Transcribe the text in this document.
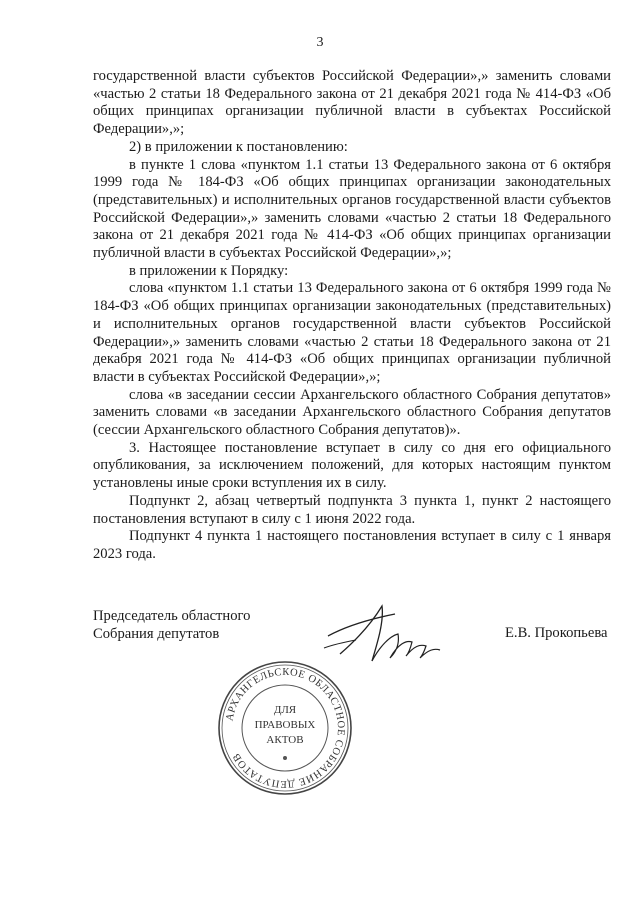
3

государственной власти субъектов Российской Федерации»,» заменить словами «частью 2 статьи 18 Федерального закона от 21 декабря 2021 года № 414-ФЗ «Об общих принципах организации публичной власти в субъектах Российской Федерации»,»;

2) в приложении к постановлению:

в пункте 1 слова «пунктом 1.1 статьи 13 Федерального закона от 6 октября 1999 года № 184-ФЗ «Об общих принципах организации законодательных (представительных) и исполнительных органов государственной власти субъектов Российской Федерации»,» заменить словами «частью 2 статьи 18 Федерального закона от 21 декабря 2021 года № 414-ФЗ «Об общих принципах организации публичной власти в субъектах Российской Федерации»,»;

в приложении к Порядку:

слова «пунктом 1.1 статьи 13 Федерального закона от 6 октября 1999 года № 184-ФЗ «Об общих принципах организации законодательных (представительных) и исполнительных органов государственной власти субъектов Российской Федерации»,» заменить словами «частью 2 статьи 18 Федерального закона от 21 декабря 2021 года № 414-ФЗ «Об общих принципах организации публичной власти в субъектах Российской Федерации»,»;

слова «в заседании сессии Архангельского областного Собрания депутатов» заменить словами «в заседании Архангельского областного Собрания депутатов (сессии Архангельского областного Собрания депутатов)».

3. Настоящее постановление вступает в силу со дня его официального опубликования, за исключением положений, для которых настоящим пунктом установлены иные сроки вступления их в силу.

Подпункт 2, абзац четвертый подпункта 3 пункта 1, пункт 2 настоящего постановления вступают в силу с 1 июня 2022 года.

Подпункт 4 пункта 1 настоящего постановления вступает в силу с 1 января 2023 года.

Председатель областного
Собрания депутатов	Е.В. Прокопьева
АРХАНГЕЛЬСКОЕ ОБЛАСТНОЕ СОБРАНИЕ ДЕПУТАТОВ
ДЛЯ
ПРАВОВЫХ
АКТОВ
